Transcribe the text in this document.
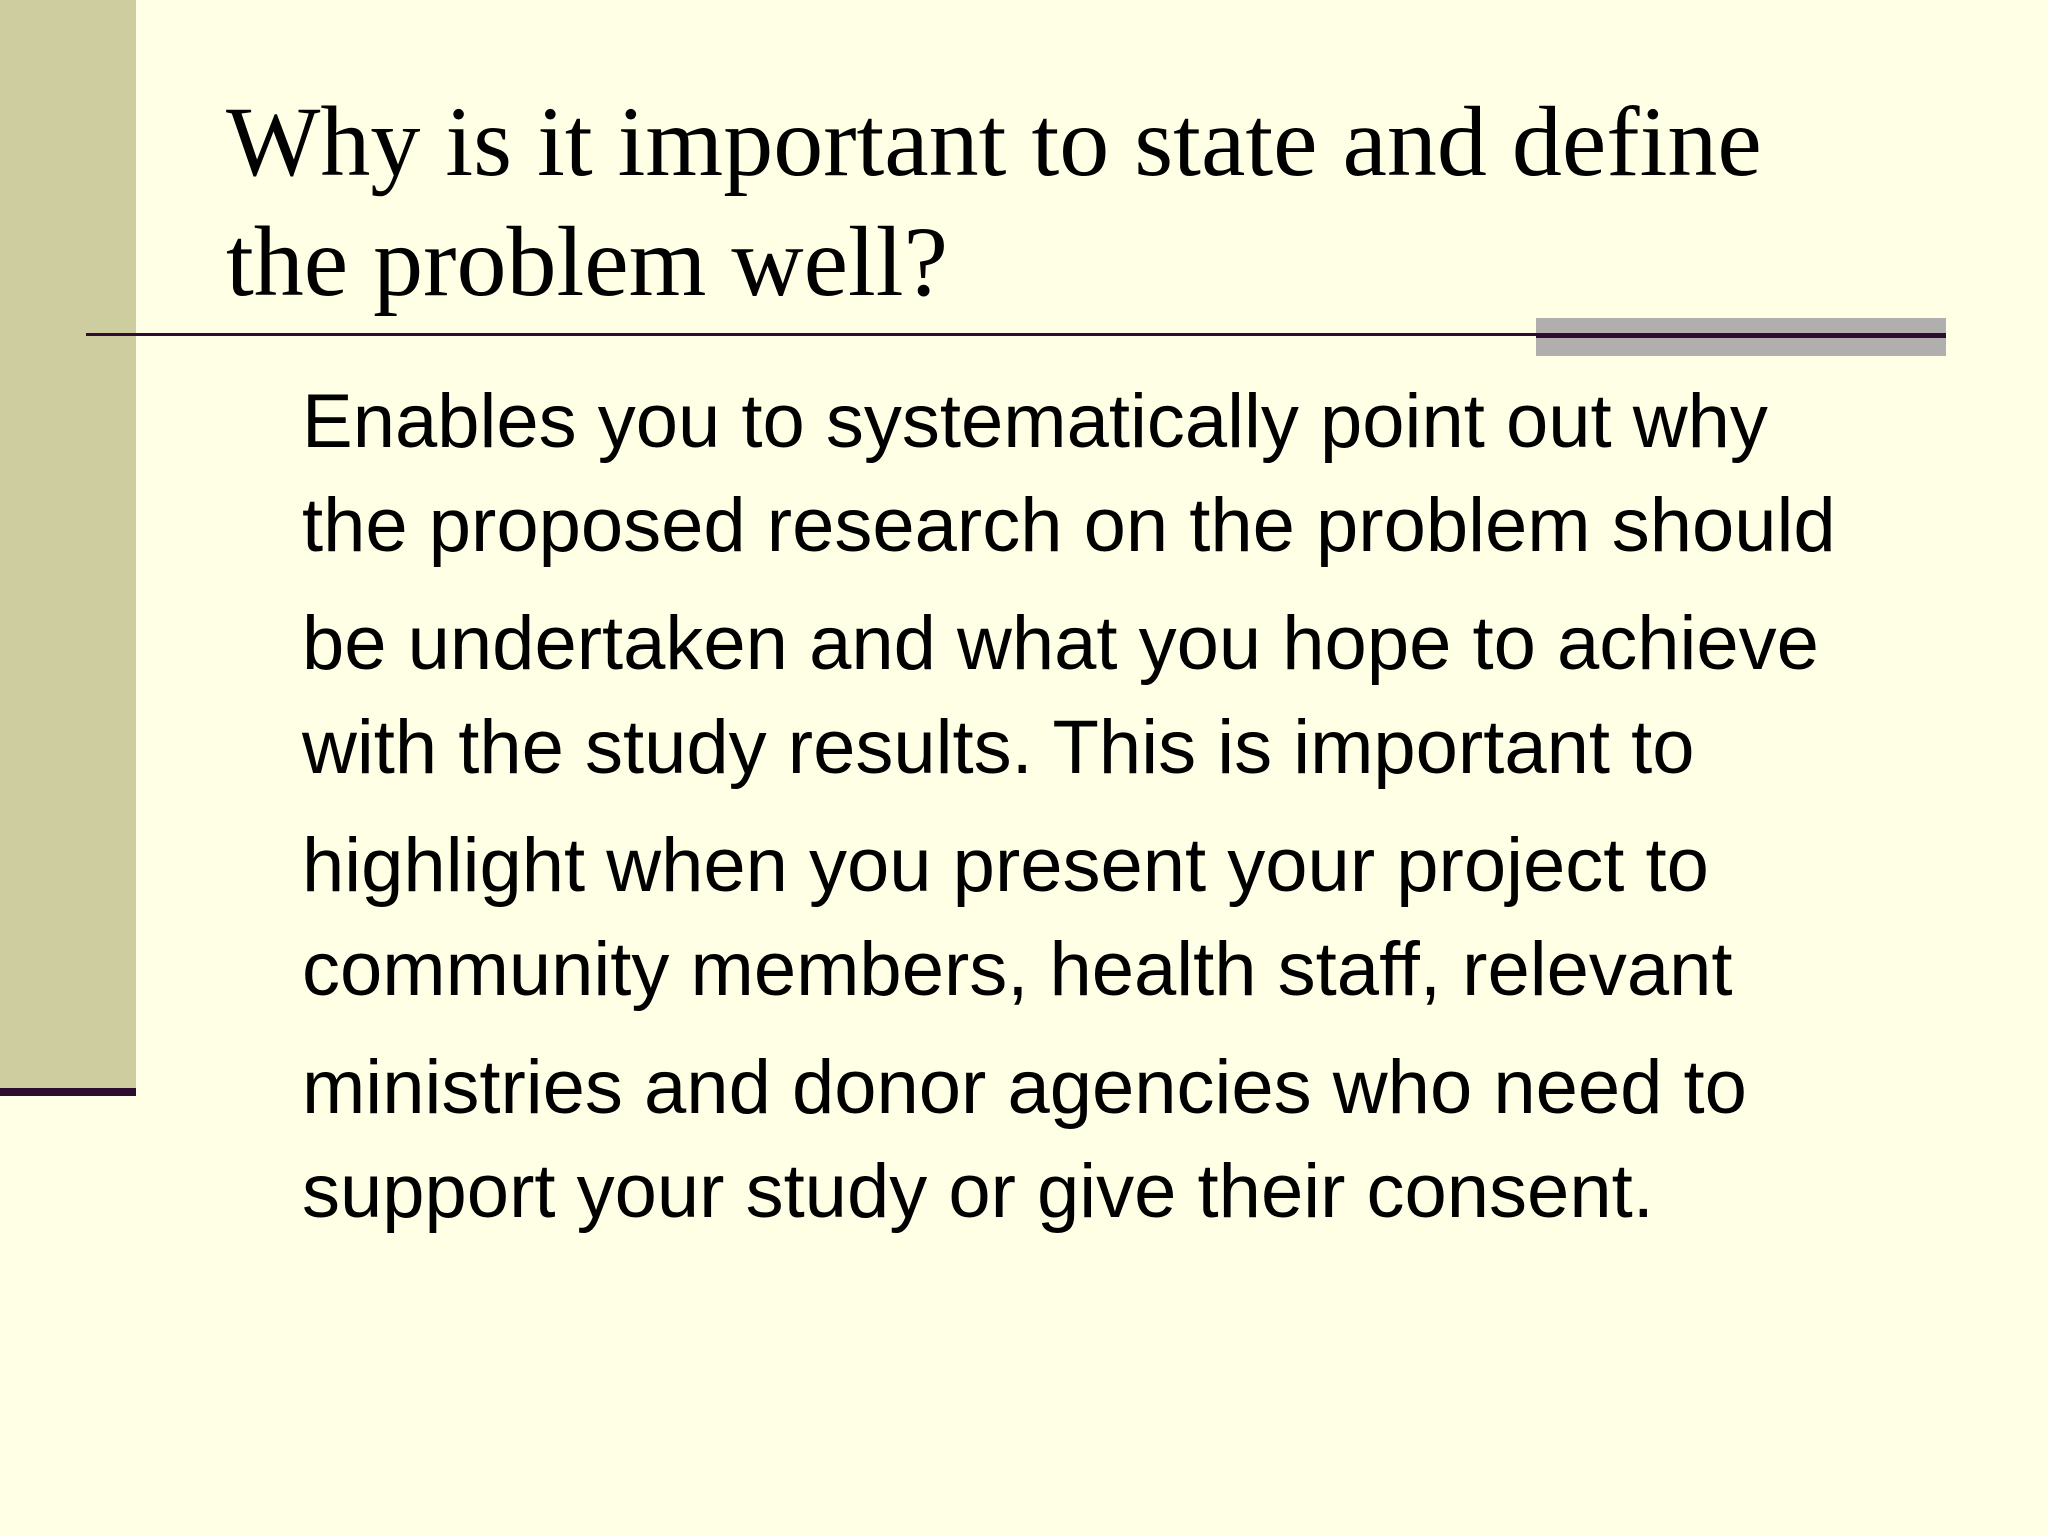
Why is it important to state and define
the problem well?

Enables you to systematically point out why
the proposed research on the problem should
be undertaken and what you hope to achieve
with the study results. This is important to
highlight when you present your project to
community members, health staff, relevant
ministries and donor agencies who need to
support your study or give their consent.
